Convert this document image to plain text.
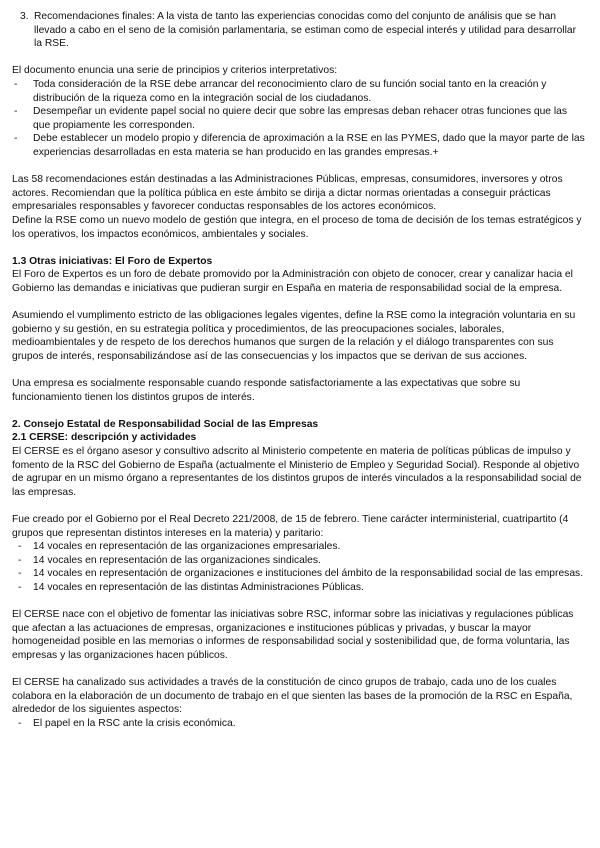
3. Recomendaciones finales: A la vista de tanto las experiencias conocidas como del conjunto de análisis que se han llevado a cabo en el seno de la comisión parlamentaria, se estiman como de especial interés y utilidad para desarrollar la RSE.

El documento enuncia una serie de principios y criterios interpretativos:

- Toda consideración de la RSE debe arrancar del reconocimiento claro de su función social tanto en la creación y distribución de la riqueza como en la integración social de los ciudadanos.
- Desempeñar un evidente papel social no quiere decir que sobre las empresas deban rehacer otras funciones que las que propiamente les corresponden.
- Debe establecer un modelo propio y diferencia de aproximación a la RSE en las PYMES, dado que la mayor parte de las experiencias desarrolladas en esta materia se han producido en las grandes empresas.+

Las 58 recomendaciones están destinadas a las Administraciones Públicas, empresas, consumidores, inversores y otros actores. Recomiendan que la política pública en este ámbito se dirija a dictar normas orientadas a conseguir prácticas empresariales responsables y favorecer conductas responsables de los actores económicos.

Define la RSE como un nuevo modelo de gestión que integra, en el proceso de toma de decisión de los temas estratégicos y los operativos, los impactos económicos, ambientales y sociales.

1.3 Otras iniciativas: El Foro de Expertos

El Foro de Expertos es un foro de debate promovido por la Administración con objeto de conocer, crear y canalizar hacia el Gobierno las demandas e iniciativas que pudieran surgir en España en materia de responsabilidad social de la empresa.

Asumiendo el vumplimento estricto de las obligaciones legales vigentes, define la RSE como la integración voluntaria en su gobierno y su gestión, en su estrategia política y procedimientos, de las preocupaciones sociales, laborales, medioambientales y de respeto de los derechos humanos que surgen de la relación y el diálogo transparentes con sus grupos de interés, responsabilizándose así de las consecuencias y los impactos que se derivan de sus acciones.

Una empresa es socialmente responsable cuando responde satisfactoriamente a las expectativas que sobre su funcionamiento tienen los distintos grupos de interés.

2. Consejo Estatal de Responsabilidad Social de las Empresas

2.1 CERSE: descripción y actividades

El CERSE es el órgano asesor y consultivo adscrito al Ministerio competente en materia de políticas públicas de impulso y fomento de la RSC del Gobierno de España (actualmente el Ministerio de Empleo y Seguridad Social). Responde al objetivo de agrupar en un mismo órgano a representantes de los distintos grupos de interés vinculados a la responsabilidad social de las empresas.

Fue creado por el Gobierno por el Real Decreto 221/2008, de 15 de febrero. Tiene carácter interministerial, cuatripartito (4 grupos que representan distintos intereses en la materia) y paritario:

- 14 vocales en representación de las organizaciones empresariales.
- 14 vocales en representación de las organizaciones sindicales.
- 14 vocales en representación de organizaciones e instituciones del ámbito de la responsabilidad social de las empresas.
- 14 vocales en representación de las distintas Administraciones Públicas.

El CERSE nace con el objetivo de fomentar las iniciativas sobre RSC, informar sobre las iniciativas y regulaciones públicas que afectan a las actuaciones de empresas, organizaciones e instituciones públicas y privadas, y buscar la mayor homogeneidad posible en las memorias o informes de responsabilidad social y sostenibilidad que, de forma voluntaria, las empresas y las organizaciones hacen públicos.

El CERSE ha canalizado sus actividades a través de la constitución de cinco grupos de trabajo, cada uno de los cuales colabora en la elaboración de un documento de trabajo en el que sienten las bases de la promoción de la RSC en España, alrededor de los siguientes aspectos:

- El papel en la RSC ante la crisis económica.
